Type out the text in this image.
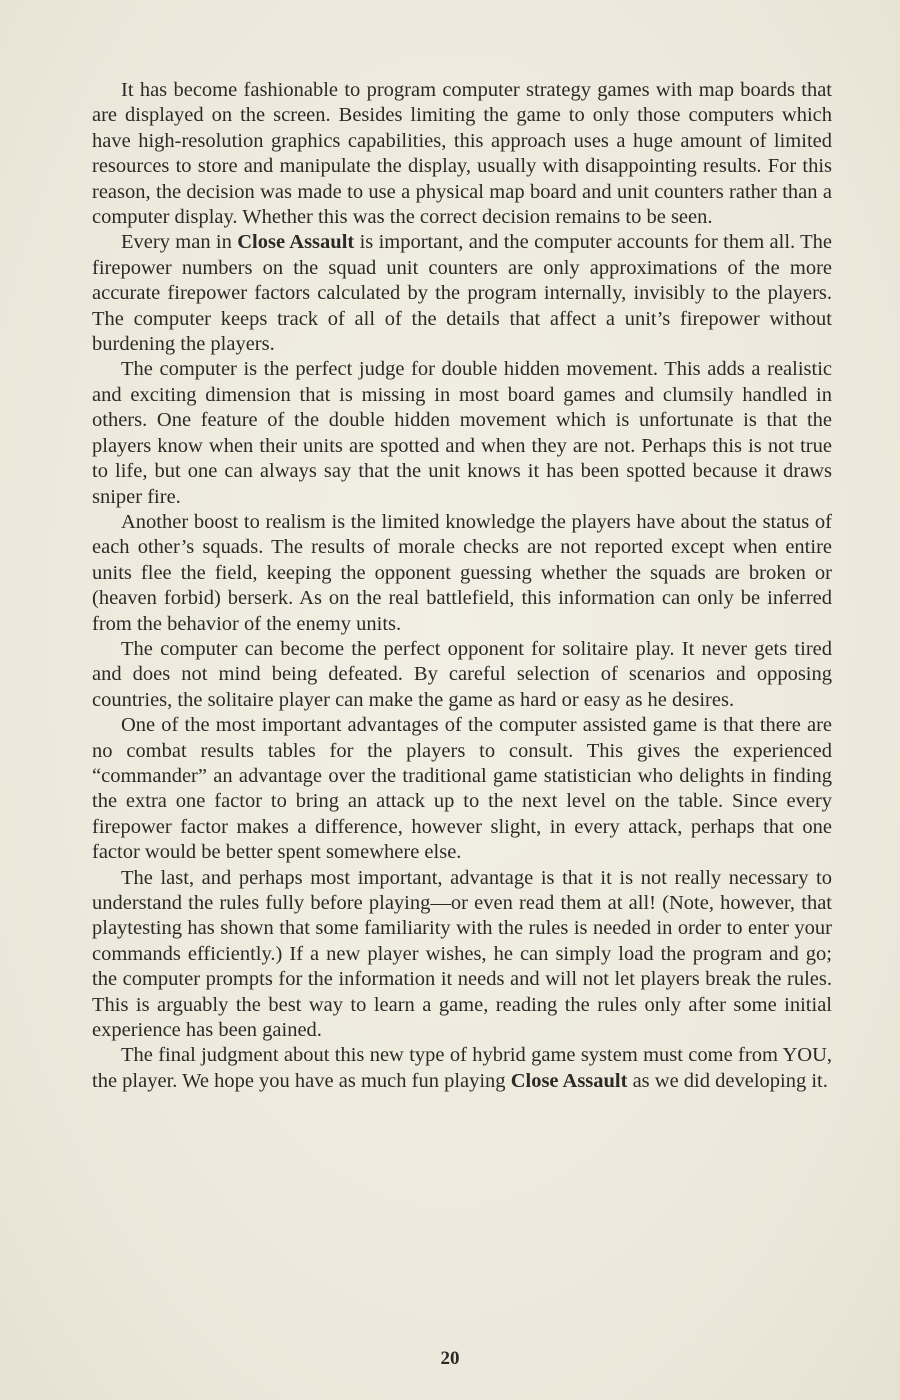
It has become fashionable to program computer strategy games with map boards that are displayed on the screen. Besides limiting the game to only those computers which have high-resolution graphics capabilities, this approach uses a huge amount of limited resources to store and manipulate the display, usually with disappointing results. For this reason, the decision was made to use a physical map board and unit counters rather than a computer display. Whether this was the correct decision remains to be seen.

Every man in Close Assault is important, and the computer accounts for them all. The firepower numbers on the squad unit counters are only approximations of the more accurate firepower factors calculated by the program internally, invisibly to the players. The computer keeps track of all of the details that affect a unit’s firepower without burdening the players.

The computer is the perfect judge for double hidden movement. This adds a realistic and exciting dimension that is missing in most board games and clumsily handled in others. One feature of the double hidden movement which is unfortunate is that the players know when their units are spotted and when they are not. Perhaps this is not true to life, but one can always say that the unit knows it has been spotted because it draws sniper fire.

Another boost to realism is the limited knowledge the players have about the status of each other’s squads. The results of morale checks are not reported except when entire units flee the field, keeping the opponent guessing whether the squads are broken or (heaven forbid) berserk. As on the real battlefield, this information can only be inferred from the behavior of the enemy units.

The computer can become the perfect opponent for solitaire play. It never gets tired and does not mind being defeated. By careful selection of scenarios and opposing countries, the solitaire player can make the game as hard or easy as he desires.

One of the most important advantages of the computer assisted game is that there are no combat results tables for the players to consult. This gives the experienced “commander” an advantage over the traditional game statistician who delights in finding the extra one factor to bring an attack up to the next level on the table. Since every firepower factor makes a difference, however slight, in every attack, perhaps that one factor would be better spent somewhere else.

The last, and perhaps most important, advantage is that it is not really necessary to understand the rules fully before playing—or even read them at all! (Note, however, that playtesting has shown that some familiarity with the rules is needed in order to enter your commands efficiently.) If a new player wishes, he can simply load the program and go; the computer prompts for the information it needs and will not let players break the rules. This is arguably the best way to learn a game, reading the rules only after some initial experience has been gained.

The final judgment about this new type of hybrid game system must come from YOU, the player. We hope you have as much fun playing Close Assault as we did developing it.

20
